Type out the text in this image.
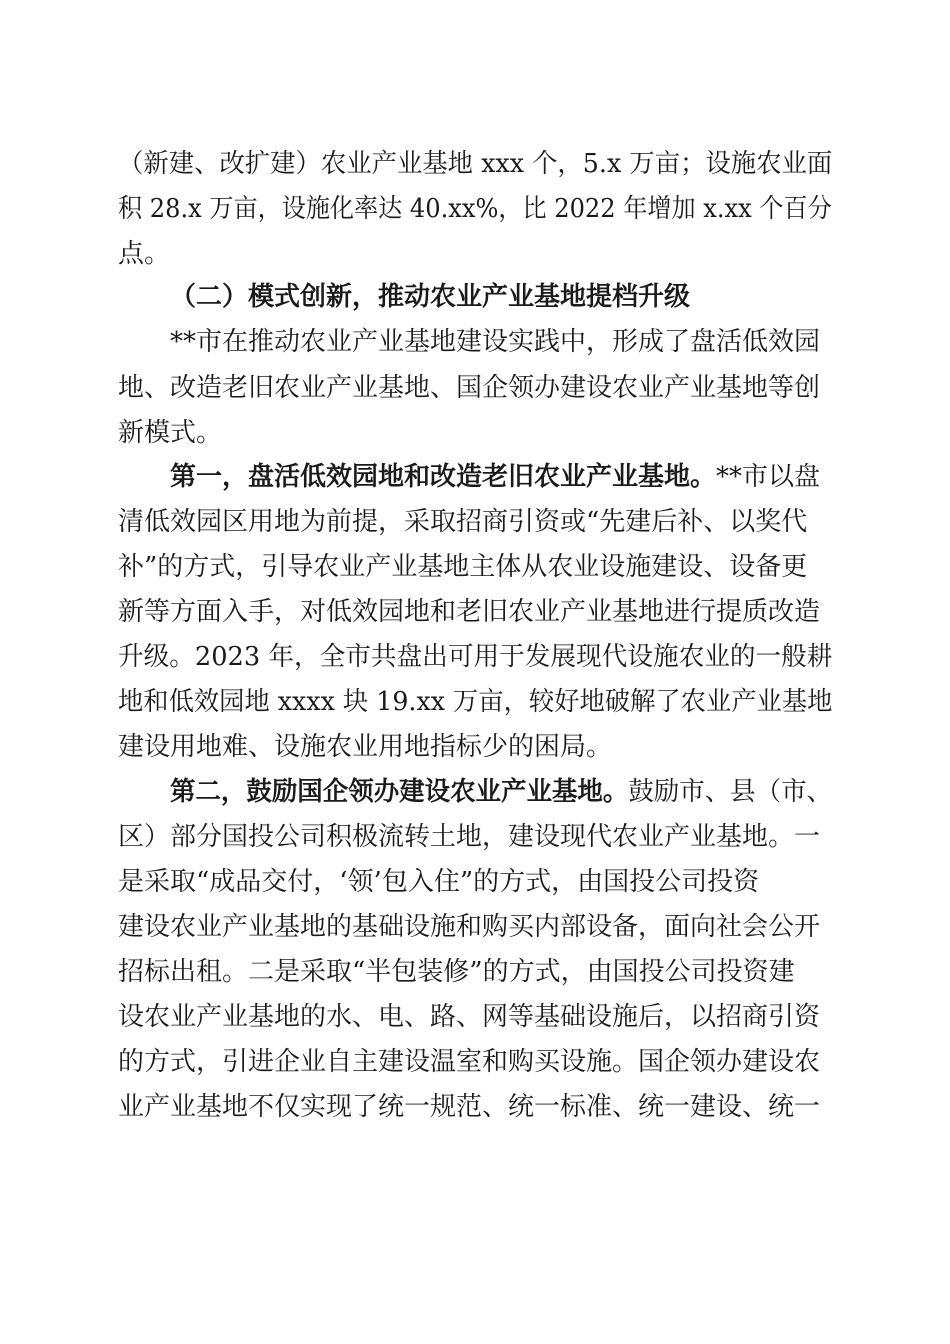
（新建、改扩建）农业产业基地 xxx 个，5.x 万亩；设施农业面
积 28.x 万亩，设施化率达 40.xx%，比 2022 年增加 x.xx 个百分
点。
（二）模式创新，推动农业产业基地提档升级
**市在推动农业产业基地建设实践中，形成了盘活低效园
地、改造老旧农业产业基地、国企领办建设农业产业基地等创
新模式。
第一，盘活低效园地和改造老旧农业产业基地。**市以盘
清低效园区用地为前提，采取招商引资或“先建后补、以奖代
补”的方式，引导农业产业基地主体从农业设施建设、设备更
新等方面入手，对低效园地和老旧农业产业基地进行提质改造
升级。2023 年，全市共盘出可用于发展现代设施农业的一般耕
地和低效园地 xxxx 块 19.xx 万亩，较好地破解了农业产业基地
建设用地难、设施农业用地指标少的困局。
第二，鼓励国企领办建设农业产业基地。鼓励市、县（市、
区）部分国投公司积极流转土地，建设现代农业产业基地。一
是采取“成品交付，‘领’包入住”的方式，由国投公司投资
建设农业产业基地的基础设施和购买内部设备，面向社会公开
招标出租。二是采取“半包装修”的方式，由国投公司投资建
设农业产业基地的水、电、路、网等基础设施后，以招商引资
的方式，引进企业自主建设温室和购买设施。国企领办建设农
业产业基地不仅实现了统一规范、统一标准、统一建设、统一
